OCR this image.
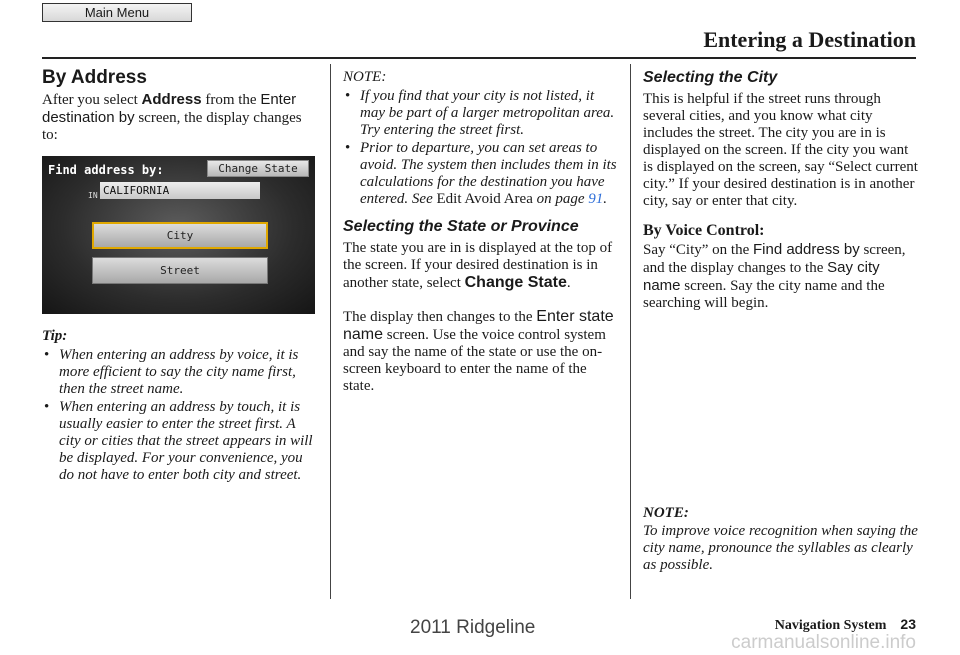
Main Menu
Entering a Destination
By Address

After you select Address from the Enter destination by screen, the display changes to:

Find address by:	Change State
IN CALIFORNIA
City
Street

Tip:

• When entering an address by voice, it is more efficient to say the city name first, then the street name.
• When entering an address by touch, it is usually easier to enter the street first. A city or cities that the street appears in will be displayed. For your convenience, you do not have to enter both city and street.

NOTE:

• If you find that your city is not listed, it may be part of a larger metropolitan area. Try entering the street first.
• Prior to departure, you can set areas to avoid. The system then includes them in its calculations for the destination you have entered. See Edit Avoid Area on page 91.
Selecting the State or Province

The state you are in is displayed at the top of the screen. If your desired destination is in another state, select Change State.

The display then changes to the Enter state name screen. Use the voice control system and say the name of the state or use the on-screen keyboard to enter the name of the state.

Selecting the City

This is helpful if the street runs through several cities, and you know what city includes the street. The city you are in is displayed on the screen. If the city you want is displayed on the screen, say “Select current city.” If your desired destination is in another city, say or enter that city.

By Voice Control:

Say “City” on the Find address by screen, and the display changes to the Say city name screen. Say the city name and the searching will begin.

NOTE:

To improve voice recognition when saying the city name, pronounce the syllables as clearly as possible.

Navigation System 23
2011 Ridgeline
carmanualsonline.info
